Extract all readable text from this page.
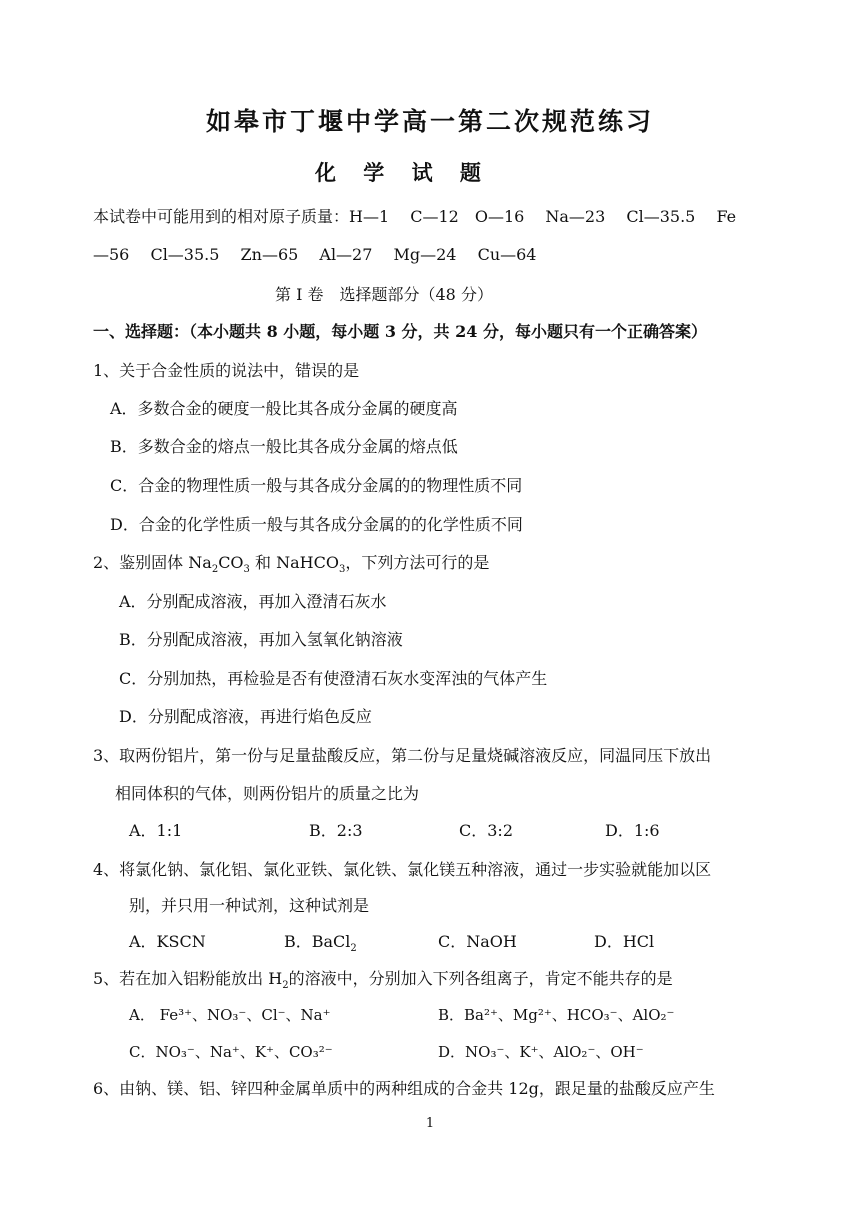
如皋市丁堰中学高一第二次规范练习
化 学 试 题
本试卷中可能用到的相对原子质量：H—1　 C—12　O—16　 Na—23　 Cl—35.5　 Fe
—56　 Cl—35.5　 Zn—65　 Al—27　 Mg—24　 Cu—64
第 I 卷　选择题部分（48 分）
一、选择题：（本小题共 8 小题，每小题 3 分，共 24 分，每小题只有一个正确答案）
1、关于合金性质的说法中，错误的是
A．多数合金的硬度一般比其各成分金属的硬度高
B．多数合金的熔点一般比其各成分金属的熔点低
C．合金的物理性质一般与其各成分金属的的物理性质不同
D．合金的化学性质一般与其各成分金属的的化学性质不同
2、鉴别固体 $Na_2CO_3$ 和 NaHCO$_3$，下列方法可行的是
A．分别配成溶液，再加入澄清石灰水
B．分别配成溶液，再加入氢氧化钠溶液
C．分别加热，再检验是否有使澄清石灰水变浑浊的气体产生
D．分别配成溶液，再进行焰色反应
3、取两份铝片，第一份与足量盐酸反应，第二份与足量烧碱溶液反应，同温同压下放出
相同体积的气体，则两份铝片的质量之比为
A．1:1	B．2:3	C．3:2	D．1:6
4、将氯化钠、氯化铝、氯化亚铁、氯化铁、氯化镁五种溶液，通过一步实验就能加以区
别，并只用一种试剂，这种试剂是
A．KSCN	B．BaCl$_2$	C．NaOH	D．HCl
5、若在加入铝粉能放出 $H_2$的溶液中，分别加入下列各组离子，肯定不能共存的是
A． Fe³⁺、NO₃⁻、Cl⁻、Na⁺	B．Ba²⁺、Mg²⁺、HCO₃⁻、AlO₂⁻
C．NO₃⁻、Na⁺、K⁺、CO₃²⁻	D．NO₃⁻、K⁺、AlO₂⁻、OH⁻
6、由钠、镁、铝、锌四种金属单质中的两种组成的合金共 12g，跟足量的盐酸反应产生
1
